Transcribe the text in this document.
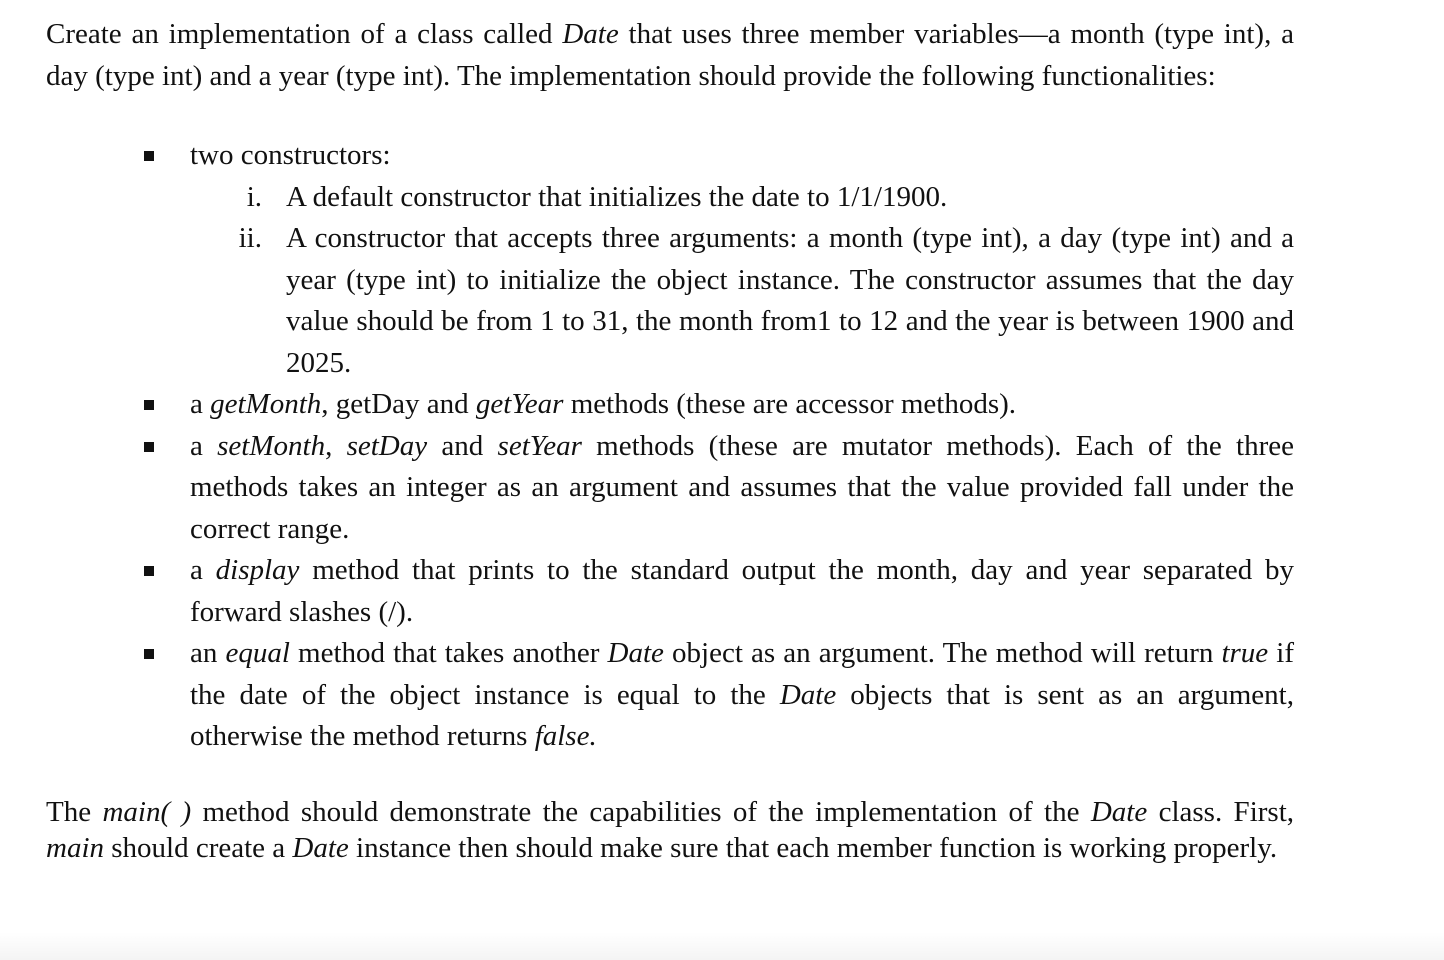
Create an implementation of a class called Date that uses three member variables—a month (type int), a day (type int) and a year (type int). The implementation should provide the following functionalities:

two constructors:
i. A default constructor that initializes the date to 1/1/1900.
ii. A constructor that accepts three arguments: a month (type int), a day (type int) and a year (type int) to initialize the object instance. The constructor assumes that the day value should be from 1 to 31, the month from1 to 12 and the year is between 1900 and 2025.
a getMonth, getDay and getYear methods (these are accessor methods).
a setMonth, setDay and setYear methods (these are mutator methods). Each of the three methods takes an integer as an argument and assumes that the value provided fall under the correct range.
a display method that prints to the standard output the month, day and year separated by forward slashes (/).
an equal method that takes another Date object as an argument. The method will return true if the date of the object instance is equal to the Date objects that is sent as an argument, otherwise the method returns false.

The main( ) method should demonstrate the capabilities of the implementation of the Date class. First, main should create a Date instance then should make sure that each member function is working properly.
